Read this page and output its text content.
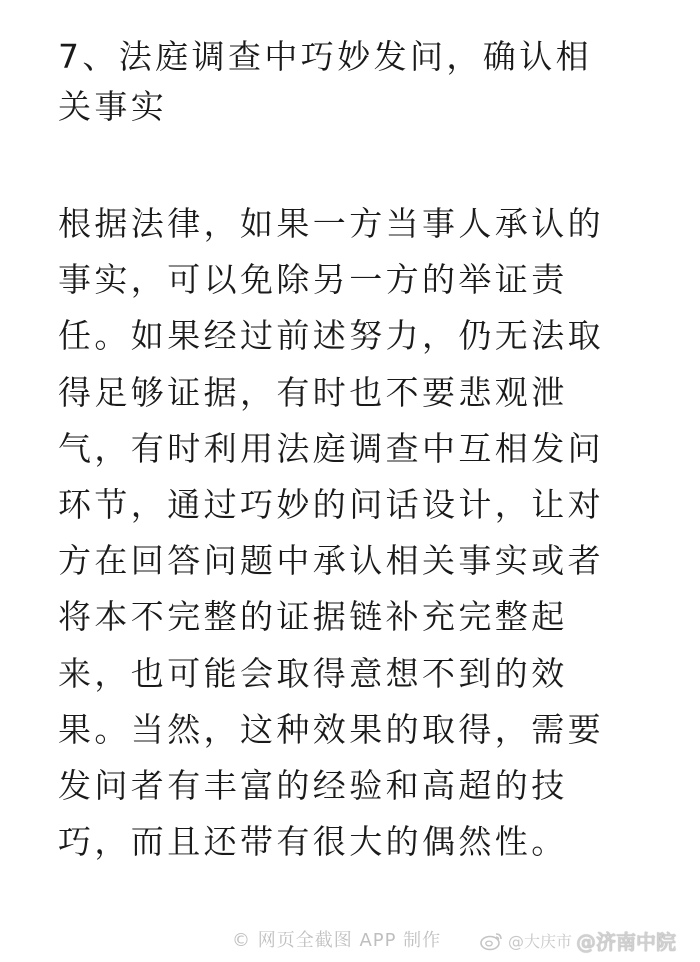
7、法庭调查中巧妙发问，确认相
关事实
根据法律，如果一方当事人承认的
事实，可以免除另一方的举证责
任。如果经过前述努力，仍无法取
得足够证据，有时也不要悲观泄
气，有时利用法庭调查中互相发问
环节，通过巧妙的问话设计，让对
方在回答问题中承认相关事实或者
将本不完整的证据链补充完整起
来，也可能会取得意想不到的效
果。当然，这种效果的取得，需要
发问者有丰富的经验和高超的技
巧，而且还带有很大的偶然性。
© 网页全截图 APP 制作	@大庆市 @济南中院
